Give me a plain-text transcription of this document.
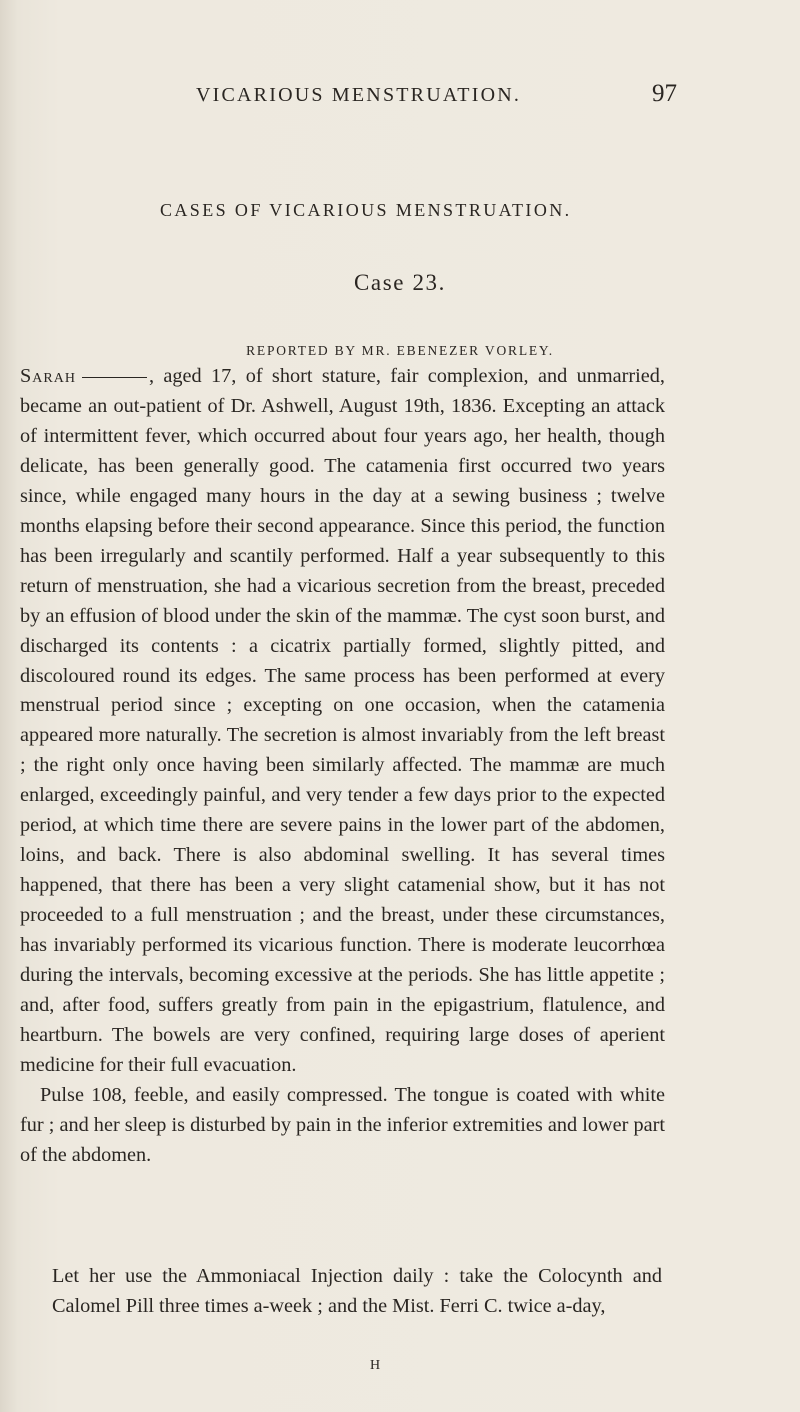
VICARIOUS MENSTRUATION.	97
CASES OF VICARIOUS MENSTRUATION.
Case 23.
REPORTED BY MR. EBENEZER VORLEY.

Sarah	, aged 17, of short stature, fair complexion, and unmarried, became an out-patient of Dr. Ashwell, August 19th, 1836. Excepting an attack of intermittent fever, which occurred about four years ago, her health, though delicate, has been generally good. The catamenia first occurred two years since, while engaged many hours in the day at a sewing business ; twelve months elapsing before their second appearance. Since this period, the function has been irregularly and scantily performed. Half a year subsequently to this return of menstruation, she had a vicarious secretion from the breast, preceded by an effusion of blood under the skin of the mammæ. The cyst soon burst, and discharged its contents : a cicatrix partially formed, slightly pitted, and discoloured round its edges. The same process has been performed at every menstrual period since ; excepting on one occasion, when the catamenia appeared more naturally. The secretion is almost invariably from the left breast ; the right only once having been similarly affected. The mammæ are much enlarged, exceedingly painful, and very tender a few days prior to the expected period, at which time there are severe pains in the lower part of the abdomen, loins, and back. There is also abdominal swelling. It has several times happened, that there has been a very slight catamenial show, but it has not proceeded to a full menstruation ; and the breast, under these circumstances, has invariably performed its vicarious function. There is moderate leucorrhœa during the intervals, becoming excessive at the periods. She has little appetite ; and, after food, suffers greatly from pain in the epigastrium, flatulence, and heartburn. The bowels are very confined, requiring large doses of aperient medicine for their full evacuation.

Pulse 108, feeble, and easily compressed. The tongue is coated with white fur ; and her sleep is disturbed by pain in the inferior extremities and lower part of the abdomen.

Let her use the Ammoniacal Injection daily : take the Colocynth and Calomel Pill three times a-week ; and the Mist. Ferri C. twice a-day,
H
